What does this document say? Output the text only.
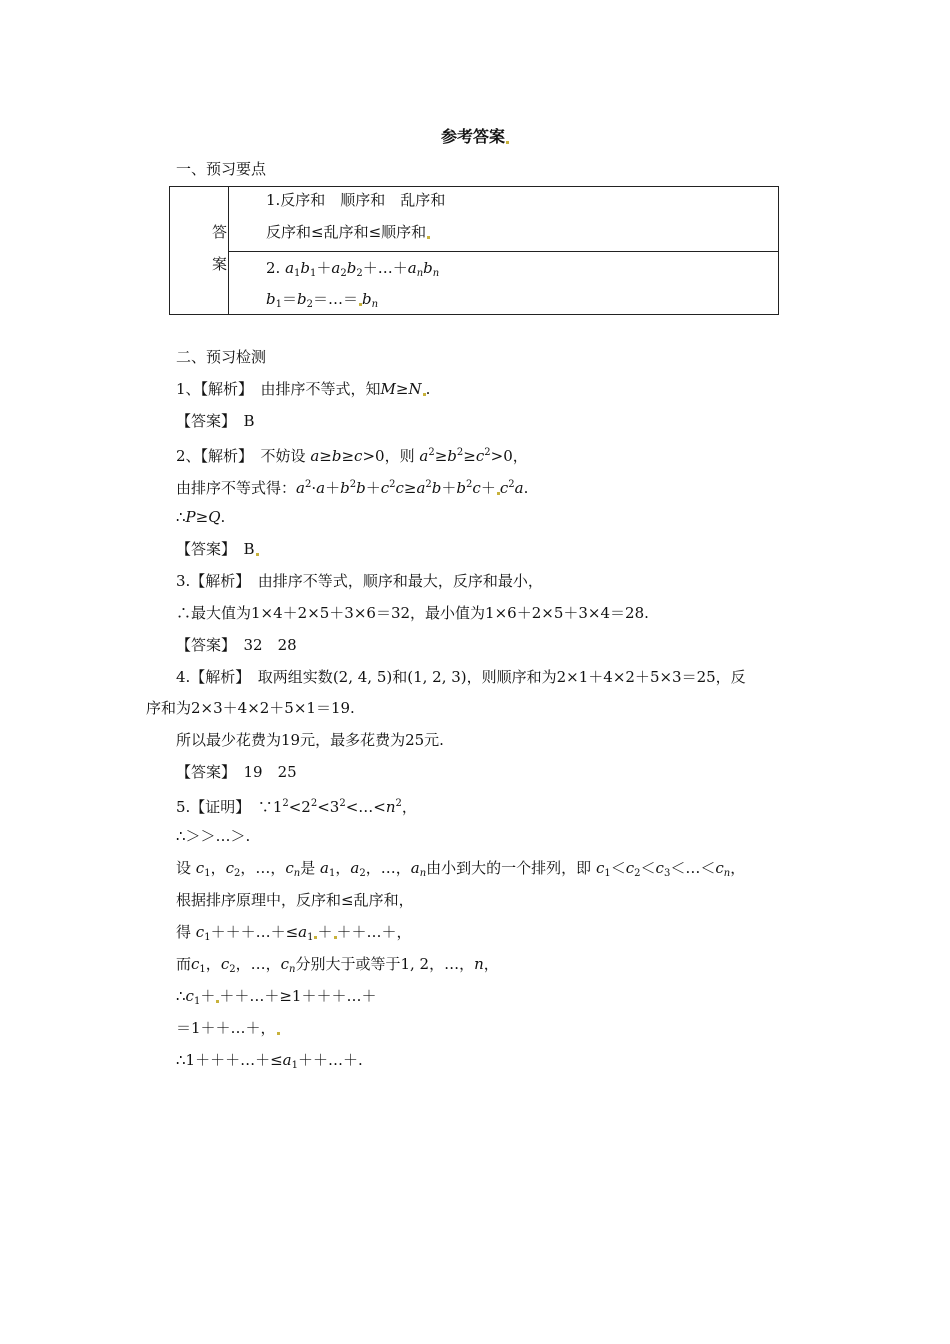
参考答案
一、预习要点
答
案
1.反序和　顺序和　乱序和
反序和≤乱序和≤顺序和
2. $a_1b_1+a_2b_2+\dots+a_nb_n$
$b_1=b_2=\dots= b_n$
二、预习检测
1、【解析】　由排序不等式，知M≥N .
【答案】　B
2、【解析】　不妨设 a≥b≥c>0，则 $a^2\ge b^2\ge c^2>0$，
由排序不等式得：$a^2\cdot a+b^2b+c^2c\ge a^2b+b^2c+ c^2a$.
∴P≥Q.
【答案】　B
3.【解析】　由排序不等式，顺序和最大，反序和最小，
∴最大值为1×4＋2×5＋3×6＝32，最小值为1×6＋2×5＋3×4＝28.
【答案】　32　28
4.【解析】　取两组实数(2, 4, 5)和(1, 2, 3)，则顺序和为2×1＋4×2＋5×3＝25，反
序和为2×3＋4×2＋5×1＝19.
所以最少花费为19元，最多花费为25元.
【答案】　19　25
5.【证明】　$\because 1^2<2^2<3^2<\dots<n^2$，
∴＞＞…＞.
设 $c_1$，$c_2$，…，$c_n$是 $a_1$，$a_2$，…，$a_n$由小到大的一个排列，即 $c_1<c_2<c_3<\dots<c_n$，
根据排序原理中，反序和≤乱序和，
得 $c_1+++\dots+\le a_1$ ＋ ＋＋…＋，
而$c_1$，$c_2$，…，$c_n$分别大于或等于1, 2，…，n，
$\therefore c_1+$ ＋＋…＋≥1＋＋＋…＋
＝1＋＋…＋，
$\therefore 1+++\dots+\le a_1++\dots+$.
